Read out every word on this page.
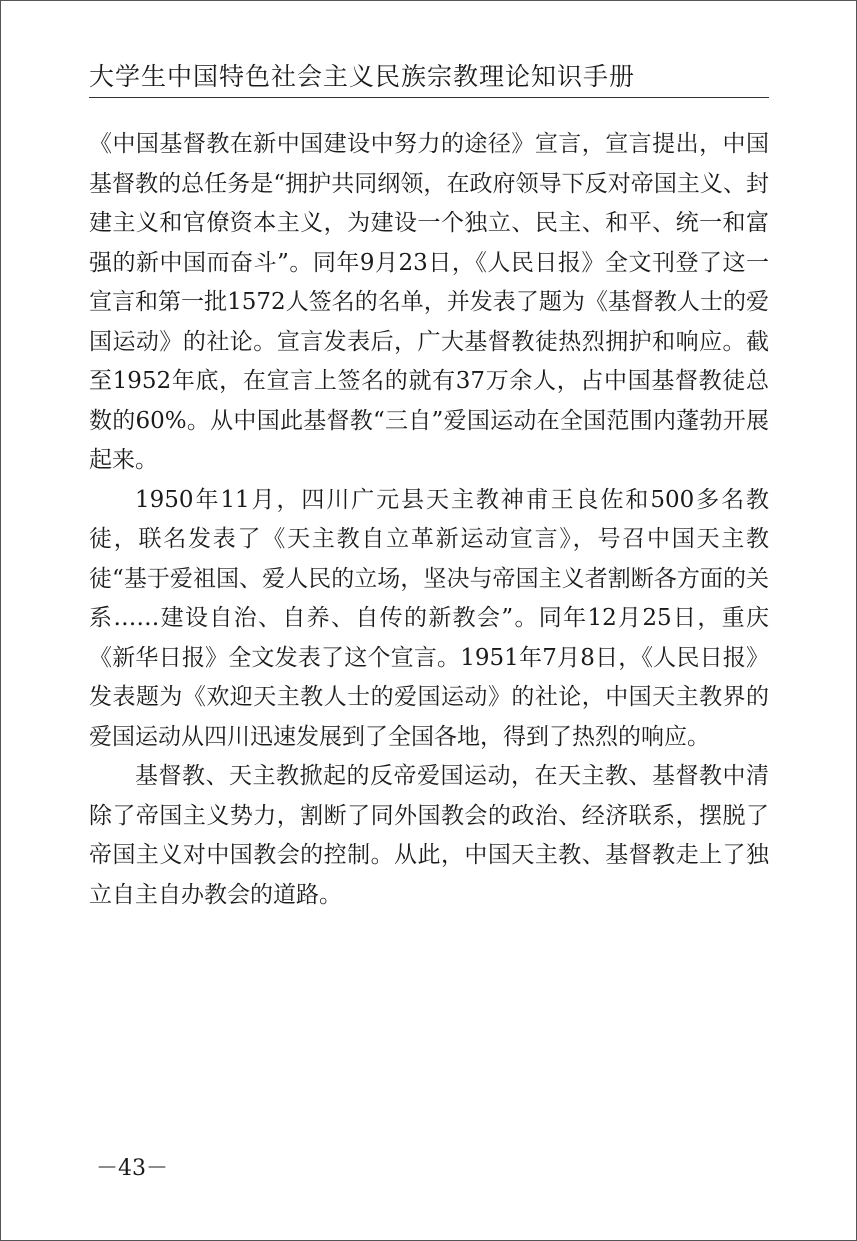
大学生中国特色社会主义民族宗教理论知识手册

《中国基督教在新中国建设中努力的途径》宣言，宣言提出，中国基督教的总任务是“拥护共同纲领，在政府领导下反对帝国主义、封建主义和官僚资本主义，为建设一个独立、民主、和平、统一和富强的新中国而奋斗”。同年9月23日，《人民日报》全文刊登了这一宣言和第一批1572人签名的名单，并发表了题为《基督教人士的爱国运动》的社论。宣言发表后，广大基督教徒热烈拥护和响应。截至1952年底，在宣言上签名的就有37万余人，占中国基督教徒总数的60%。从中国此基督教“三自”爱国运动在全国范围内蓬勃开展起来。

1950年11月，四川广元县天主教神甫王良佐和500多名教徒，联名发表了《天主教自立革新运动宣言》，号召中国天主教徒“基于爱祖国、爱人民的立场，坚决与帝国主义者割断各方面的关系……建设自治、自养、自传的新教会”。同年12月25日，重庆《新华日报》全文发表了这个宣言。1951年7月8日，《人民日报》发表题为《欢迎天主教人士的爱国运动》的社论，中国天主教界的爱国运动从四川迅速发展到了全国各地，得到了热烈的响应。

基督教、天主教掀起的反帝爱国运动，在天主教、基督教中清除了帝国主义势力，割断了同外国教会的政治、经济联系，摆脱了帝国主义对中国教会的控制。从此，中国天主教、基督教走上了独立自主自办教会的道路。

－43－
